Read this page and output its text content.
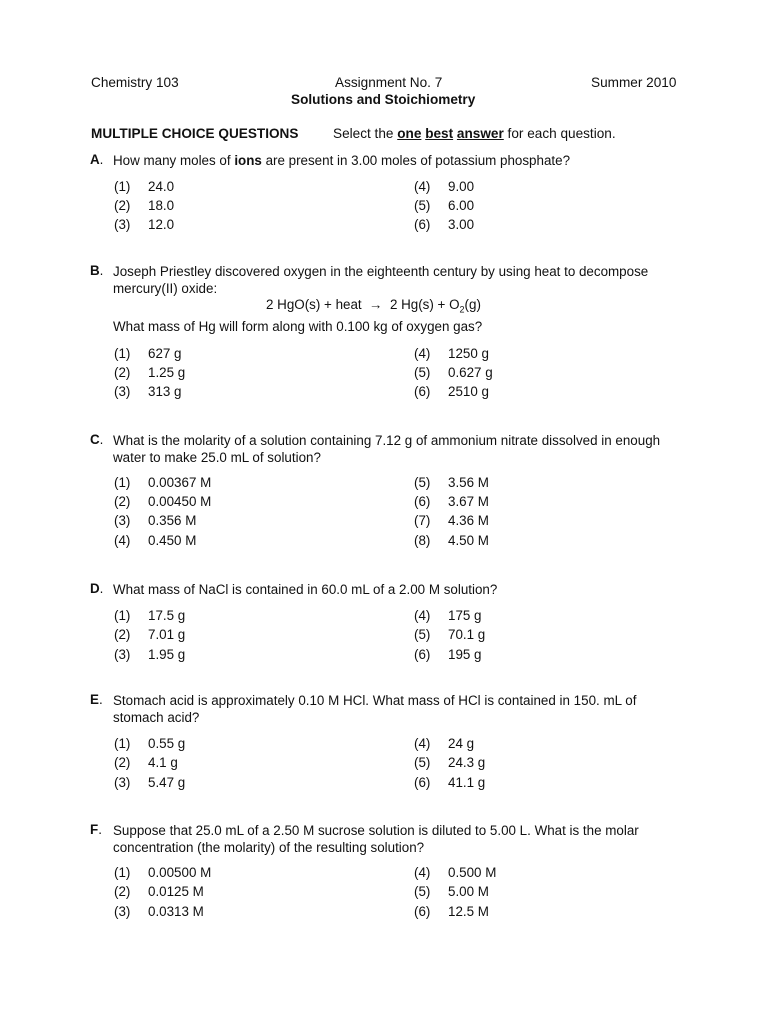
Chemistry 103	Assignment No. 7	Summer 2010
Solutions and Stoichiometry
MULTIPLE CHOICE QUESTIONS	Select the one best answer for each question.
A. How many moles of ions are present in 3.00 moles of potassium phosphate?
(1) 24.0
(2) 18.0
(3) 12.0
(4) 9.00
(5) 6.00
(6) 3.00
B. Joseph Priestley discovered oxygen in the eighteenth century by using heat to decompose mercury(II) oxide:
2 HgO(s) + heat → 2 $Hg(s) + O_2(g)$
What mass of Hg will form along with 0.100 kg of oxygen gas?
(1) 627 g
(2) 1.25 g
(3) 313 g
(4) 1250 g
(5) 0.627 g
(6) 2510 g
C. What is the molarity of a solution containing 7.12 g of ammonium nitrate dissolved in enough water to make 25.0 mL of solution?
(1) 0.00367 M
(2) 0.00450 M
(3) 0.356 M
(4) 0.450 M
(5) 3.56 M
(6) 3.67 M
(7) 4.36 M
(8) 4.50 M
D. What mass of NaCl is contained in 60.0 mL of a 2.00 M solution?
(1) 17.5 g
(2) 7.01 g
(3) 1.95 g
(4) 175 g
(5) 70.1 g
(6) 195 g
E. Stomach acid is approximately 0.10 M HCl. What mass of HCl is contained in 150. mL of stomach acid?
(1) 0.55 g
(2) 4.1 g
(3) 5.47 g
(4) 24 g
(5) 24.3 g
(6) 41.1 g
F. Suppose that 25.0 mL of a 2.50 M sucrose solution is diluted to 5.00 L. What is the molar concentration (the molarity) of the resulting solution?
(1) 0.00500 M
(2) 0.0125 M
(3) 0.0313 M
(4) 0.500 M
(5) 5.00 M
(6) 12.5 M
